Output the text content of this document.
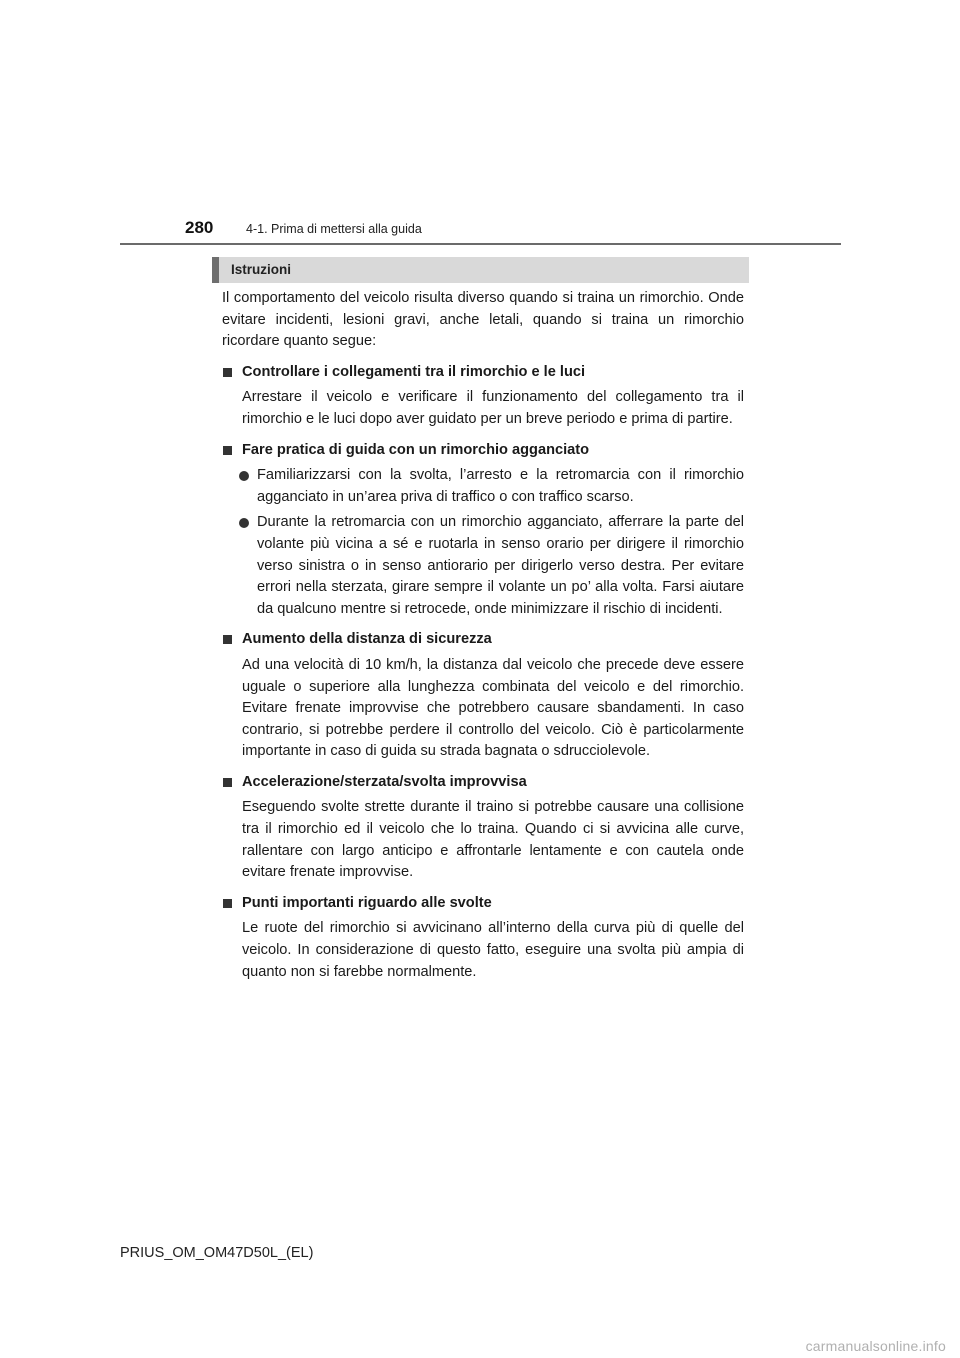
280	4-1. Prima di mettersi alla guida
Istruzioni

Il comportamento del veicolo risulta diverso quando si traina un rimorchio. Onde evitare incidenti, lesioni gravi, anche letali, quando si traina un rimorchio ricordare quanto segue:

Controllare i collegamenti tra il rimorchio e le luci

Arrestare il veicolo e verificare il funzionamento del collegamento tra il rimorchio e le luci dopo aver guidato per un breve periodo e prima di partire.

Fare pratica di guida con un rimorchio agganciato
Familiarizzarsi con la svolta, l’arresto e la retromarcia con il rimorchio agganciato in un’area priva di traffico o con traffico scarso.
Durante la retromarcia con un rimorchio agganciato, afferrare la parte del volante più vicina a sé e ruotarla in senso orario per dirigere il rimorchio verso sinistra o in senso antiorario per dirigerlo verso destra. Per evitare errori nella sterzata, girare sempre il volante un po’ alla volta. Farsi aiutare da qualcuno mentre si retrocede, onde minimizzare il rischio di incidenti.
Aumento della distanza di sicurezza

Ad una velocità di 10 km/h, la distanza dal veicolo che precede deve essere uguale o superiore alla lunghezza combinata del veicolo e del rimorchio. Evitare frenate improvvise che potrebbero causare sbandamenti. In caso contrario, si potrebbe perdere il controllo del veicolo. Ciò è particolarmente importante in caso di guida su strada bagnata o sdrucciolevole.

Accelerazione/sterzata/svolta improvvisa

Eseguendo svolte strette durante il traino si potrebbe causare una collisione tra il rimorchio ed il veicolo che lo traina. Quando ci si avvicina alle curve, rallentare con largo anticipo e affrontarle lentamente e con cautela onde evitare frenate improvvise.

Punti importanti riguardo alle svolte

Le ruote del rimorchio si avvicinano all’interno della curva più di quelle del veicolo. In considerazione di questo fatto, eseguire una svolta più ampia di quanto non si farebbe normalmente.

PRIUS_OM_OM47D50L_(EL)
carmanualsonline.info
